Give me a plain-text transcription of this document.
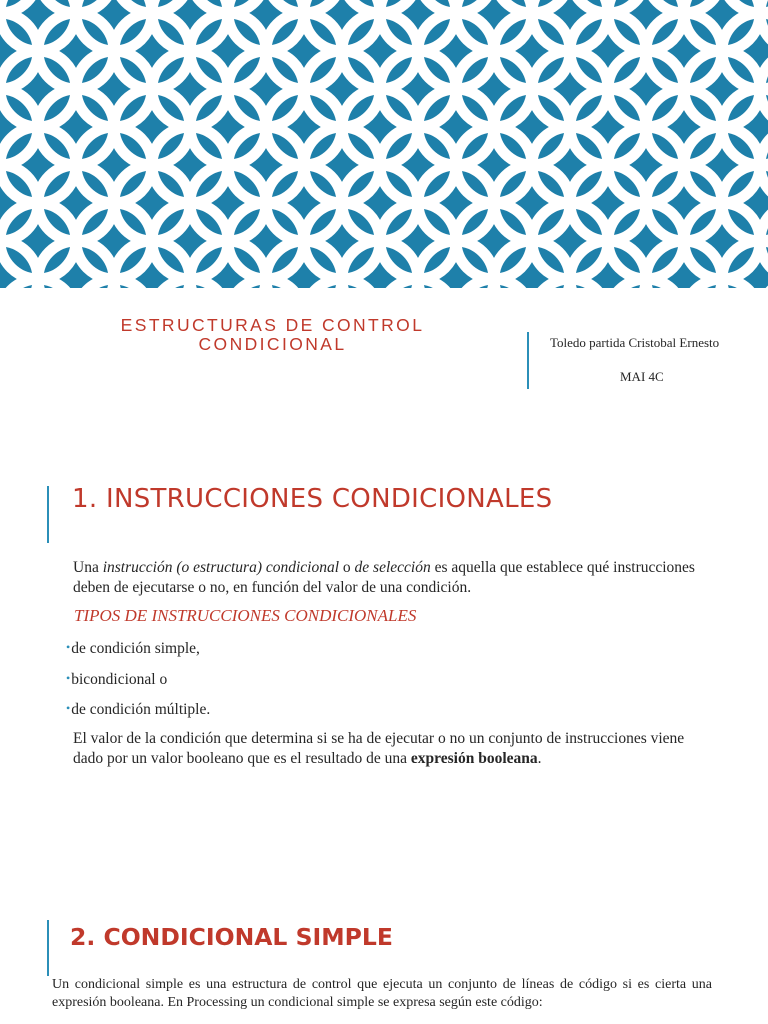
ESTRUCTURAS DE CONTROL
CONDICIONAL	Toledo partida Cristobal Ernesto
MAI 4C
1. INSTRUCCIONES CONDICIONALES
Una instrucción (o estructura) condicional o de selección es aquella que establece qué instrucciones deben de ejecutarse o no, en función del valor de una condición.
TIPOS DE INSTRUCCIONES CONDICIONALES
•de condición simple,
•bicondicional o
•de condición múltiple.
El valor de la condición que determina si se ha de ejecutar o no un conjunto de instrucciones viene dado por un valor booleano que es el resultado de una expresión booleana.
2. CONDICIONAL SIMPLE
Un condicional simple es una estructura de control que ejecuta un conjunto de líneas de código si es cierta una expresión booleana. En Processing un condicional simple se expresa según este código:
